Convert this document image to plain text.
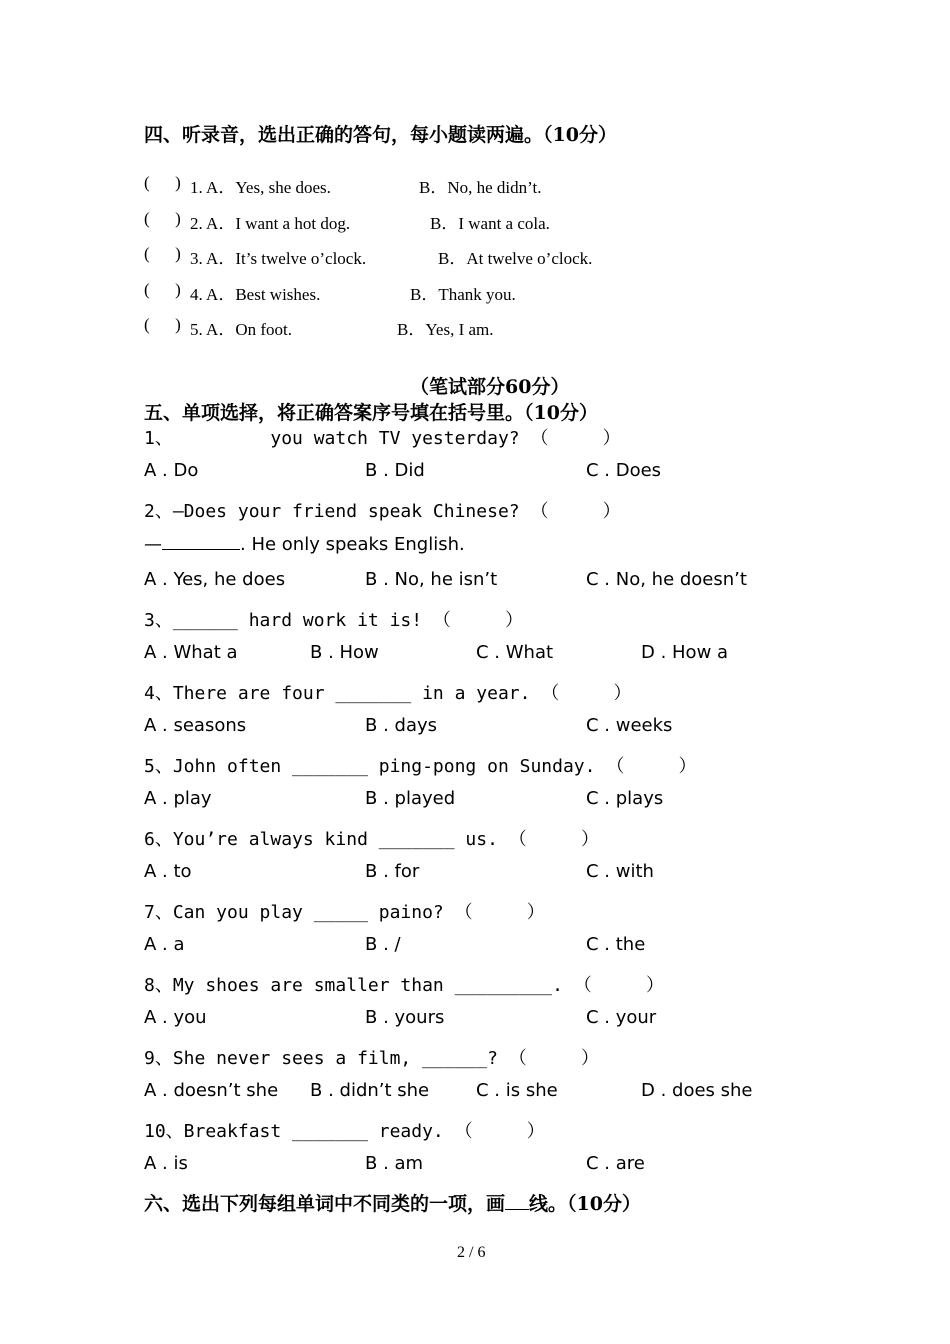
四、听录音，选出正确的答句，每小题读两遍。（10分）
(      ) 1. A．Yes, she does.	B．No, he didn’t.
(      ) 2. A．I want a hot dog.	B．I want a cola.
(      ) 3. A．It’s twelve o’clock.	B．At twelve o’clock.
(      ) 4. A．Best wishes.	B．Thank you.
(      ) 5. A．On foot.	B．Yes, I am.
（笔试部分60分）
五、单项选择，将正确答案序号填在括号里。（10分）
1、         you watch TV yesterday? （     ）
A . Do	B . Did	C . Does
2、—Does your friend speak Chinese? （     ）
—	. He only speaks English.
A . Yes, he does	B . No, he isn’t	C . No, he doesn’t
3、______ hard work it is! （     ）
A . What a	B . How	C . What	D . How a
4、There are four _______ in a year. （     ）
A . seasons	B . days	C . weeks
5、John often _______ ping-pong on Sunday. （     ）
A . play	B . played	C . plays
6、You’re always kind _______ us. （     ）
A . to	B . for	C . with
7、Can you play _____ paino? （     ）
A . a	B . /	C . the
8、My shoes are smaller than _________. （     ）
A . you	B . yours	C . your
9、She never sees a film, ______? （     ）
A . doesn’t she B . didn’t she	C . is she	D . does she
10、Breakfast _______ ready. （     ）
A . is	B . am	C . are
六、选出下列每组单词中不同类的一项，画 线。（10分）
2 / 6
